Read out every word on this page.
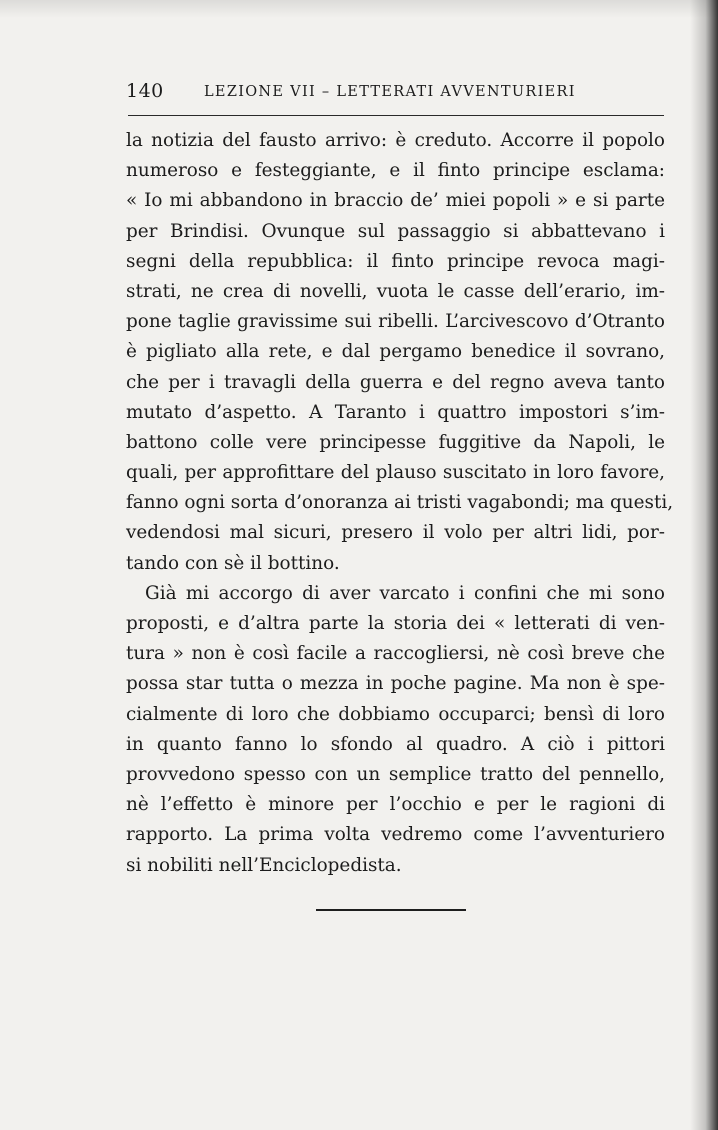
140	LEZIONE VII – LETTERATI AVVENTURIERI
la notizia del fausto arrivo: è creduto. Accorre il popolo
numeroso e festeggiante, e il finto principe esclama:
« Io mi abbandono in braccio de’ miei popoli » e si parte
per Brindisi. Ovunque sul passaggio si abbattevano i
segni della repubblica: il finto principe revoca magi-
strati, ne crea di novelli, vuota le casse dell’erario, im-
pone taglie gravissime sui ribelli. L’arcivescovo d’Otranto
è pigliato alla rete, e dal pergamo benedice il sovrano,
che per i travagli della guerra e del regno aveva tanto
mutato d’aspetto. A Taranto i quattro impostori s’im-
battono colle vere principesse fuggitive da Napoli, le
quali, per approfittare del plauso suscitato in loro favore,
fanno ogni sorta d’onoranza ai tristi vagabondi; ma questi,
vedendosi mal sicuri, presero il volo per altri lidi, por-
tando con sè il bottino.
Già mi accorgo di aver varcato i confini che mi sono
proposti, e d’altra parte la storia dei « letterati di ven-
tura » non è così facile a raccogliersi, nè così breve che
possa star tutta o mezza in poche pagine. Ma non è spe-
cialmente di loro che dobbiamo occuparci; bensì di loro
in quanto fanno lo sfondo al quadro. A ciò i pittori
provvedono spesso con un semplice tratto del pennello,
nè l’effetto è minore per l’occhio e per le ragioni di
rapporto. La prima volta vedremo come l’avventuriero
si nobiliti nell’Enciclopedista.
